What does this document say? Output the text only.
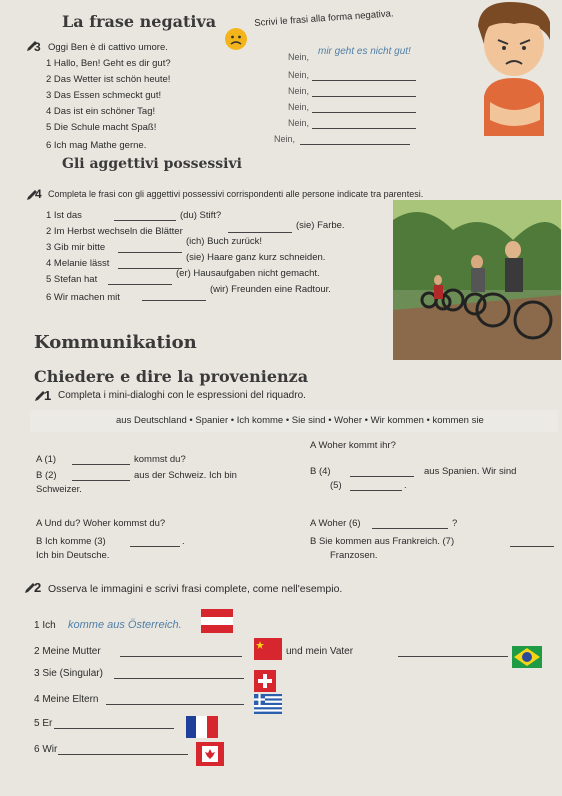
La frase negativa
3 Oggi Ben è di cattivo umore.
Scrivi le frasi alla forma negativa.
1 Hallo, Ben! Geht es dir gut?
Nein, mir geht es nicht gut!
2 Das Wetter ist schön heute!	Nein,
3 Das Essen schmeckt gut!	Nein,
4 Das ist ein schöner Tag!	Nein,
5 Die Schule macht Spaß!	Nein,
6 Ich mag Mathe gerne.
Nein,
Gli aggettivi possessivi
4 Completa le frasi con gli aggettivi possessivi corrispondenti alle persone indicate tra parentesi.
1 Ist das	(du) Stift?
2 Im Herbst wechseln die Blätter
(sie) Farbe.
3 Gib mir bitte
(ich) Buch zurück!
4 Melanie lässt
(sie) Haare ganz kurz schneiden.
5 Stefan hat
(er) Hausaufgaben nicht gemacht.
6 Wir machen mit
(wir) Freunden eine Radtour.
Kommunikation
Chiedere e dire la provenienza
1 Completa i mini-dialoghi con le espressioni del riquadro.
aus Deutschland • Spanier • Ich komme • Sie sind • Woher • Wir kommen • kommen sie
A (1)	kommst du?
B (2)	aus der Schweiz. Ich bin
Schweizer.
A Woher kommt ihr?
B (4)	aus Spanien. Wir sind
(5)	.
A Und du? Woher kommst du?
B Ich komme (3)	.
Ich bin Deutsche.
A Woher (6)	?
B Sie kommen aus Frankreich. (7)
Franzosen.
2 Osserva le immagini e scrivi frasi complete, come nell'esempio.
1 Ich komme aus Österreich.
2 Meine Mutter	und mein Vater
3 Sie (Singular)
4 Meine Eltern
5 Er
6 Wir
